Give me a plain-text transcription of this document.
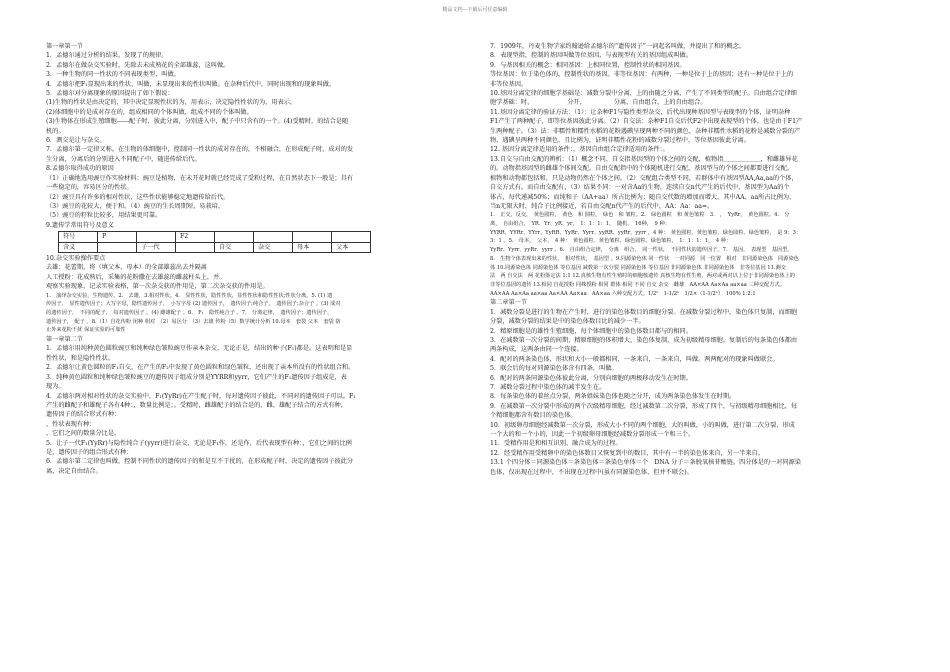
精品文档---下载后可任意编辑
第一章第一节
1．孟德尔通过分析的结果，发现了的规律。
2．孟德尔在做杂交实验时，先除去未成熟花的全部雄蕊，这叫做。
3．一种生物的同一性状的不同表现类型，叫做。
4．孟德尔把F₁显现出来的性状，叫做，未显现出来的性状叫做。在杂种后代中，同时出现和的现象叫做。
5．孟德尔对分离现象的原因提出了如下假说：
(1)生物的性状是由决定的，其中决定显现性状的为，用表示，决定隐性性状的为，用表示。
(2)体细胞中的是成对存在的，组成相同的个体叫做，组成不同的个体叫做。
(3)生物体在形成生殖细胞——配子时，彼此分离，分别进入中，配子中只含有的一个。(4)受精时，的结合是随
机的。
6．测交是让与杂交。
7．孟德尔第一定律又称。在生物的体细胞中，控制同一性状的成对存在的，不相融合，在形成配子时，成对的发
生分离，分离后的分别进入不同配子中，随进传给后代。
8.孟德尔取得成功的原因
（1）正确地选用豌豆作实验材料：豌豆是植物，在未开花时就已经完成了受粉过程，在自然状态下一般是；具有
一些稳定的，容易区分的性状。
（2）豌豆具有许多的相对性状，这些性状能够稳定地遗传给后代。
（3）豌豆的花较大，便于和。（4）豌豆的生长周期短，易栽培。
（5）豌豆的籽粒比较多，用结果更可靠。
9.遗传学常用符号及意义
符号	P		F2				
含义		子一代		自交	杂交	母本	父本
10.杂交实验操作要点
去雄：花蕾期，将（填父本、母本）的全部雄蕊出去并隔离
人工授粉：花成熟后，采集的花粉撒在去雄蕊的雌蕊柱头上，并。
观察实验现象，记录实验表格，第一次杂交获的件用是，第二次杂交获的件用是。
1.　演绎杂交实验，生物遗传。2.　去雄，3.相对性状。4.　显性性状，隐性性状，显性性状和隐性性状;性状分离。5. (1) 遗
传因子，　显性遗传因子；大写字母，隐性遗传因子，　小写字母 (2) 遗传因子，　遗传因子;纯合子，　遗传因子;杂合子 。(3) 成对
的遗传因子，　不同的配子，　每对遗传因子 。(4) 雌雄配子 。6.　F₁　隐性纯合子 。7.　分离定律，　遗传因子；遗传因子，
遗传因子，　配子 。8.（1）自花传粉 闭种 相对　（2）易区分　（3）去雄 传粉（5）数学统计分析 10.母本　套袋 父本　套袋 防
止外来花粉干扰 保证实验的可靠性
第一章第二节
1．孟德尔用纯种黄色圆粒豌豆和纯种绿色皱粒豌豆作亲本杂交，无论正是，结出的种子(F₁)都是。这表明和是显
性性状，和是隐性性状。
2．孟德尔让黄色圆粒的F₁自交，在产生的F₂中发现了黄色圆粒和绿色皱粒，还出现了亲本所没有的性状组合和。
3．纯种黄色圆粒和纯种绿色皱粒豌豆的遗传因子组成分别是YYRR和yyrr，它们产生的F₁遗传因子组成是，表
现为。
4．孟德尔两对相对性状的杂交实验中，F₁(YyRr)在产生配子时，每对遗传因子彼此，不同对的遗传因子可以。F₁
产生的雌配子和雄配子各有4种：，数量比例是；。受精时，雌雄配子的结合是的，雌、雄配子结合的方式有种，
遗传因子的结合形式有种：
，性状表现有种：
，它们之间的数量分比是。
5．让子一代F₁(YyRr)与隐性纯合子(yyrr)进行杂交，无论是F₁作，还是作，后代表现型有种：，它们之间的比例
是，遗传因子的组合形式有种：
6．孟德尔第二定律也叫做，控制不同性状的遗传因子的和是互不干扰的，在形成配子时，决定的遗传因子彼此分
离，决定自由结合。
7．1909年，丹麦生物学家约翰逊给孟德尔的“遗传因子”一词起名叫做，并提出了和的概念。
8．表现型指，控制的基因叫做等位基因，与表现型有关的基因组成叫做。
9．与基因相关的概念：相同基因：上相同位置，控制性状的相同基因。
等位基因：位于染色体的、控制性状的基因。非等位基因：有两种，一种是位于上的基因；还有一种是位于上的
非等位基因。
10.基因分离定律的细胞学基础是：减数分裂中分离，上的由随之分离，产生了不同类型的配子。自由组合定律细
胞学基础：时，　　　　　　分开，　　　　　分离，自由组合，上的自由组合。
11.基因分离定律的验证方法：（1）：让杂种F1与隐性类型杂交，后代出现种基因型与表现型的个体，证明杂种
F1产生了两种配子，即等位基因彼此分离。（2）自交法：杂种F1自交后代F2中出现表现型的个体，也是由于F1产
生两种配子。（3）法：非糯性和糯性水稻的花粉遇碘呈现两种不同的颜色，杂种非糯性水稻的花粉是减数分裂的产
物，遇碘呈两种不同颜色，且比例为，证明非糯性花粉的减数分裂过程中，等位基因彼此分离。
12. 基因分离定律适用的条件：，基因自由组合定律适用的条件：。
13.自交与自由交配的辨析：（1）概念不同，自交指基因型的个体之间的交配，植物指＿＿＿＿＿＿，和雌雄异花
的。动物指基因型的雌雄个体间交配。自由交配指中的个体随机进行交配，基因型与的个体之间都要进行交配。
植物和动物都包括和。只是动物仍然在个体之间。（2）交配组合类型不同，若群体中有基因型AA,Aa,aa的个体，
自交方式有。而自由交配有，（3）结果不同：一对含Aa的生物，连续自交n代产生的后代中，基因型为Aa的个
体占，每代递减50%；而纯和子（AA+aa）所占比例为；随自交代数的增加而增大，其中AA、aa所占比例为，
当n无限大时，纯合子比例接近，若自由交配n代产生的后代中，AA：Aa：aa=。
1.　正交，反交，　黄色圆粒，　黄色　和 圆粒，　绿色　和 皱粒。2.　绿色圆粒　和 黄色皱粒　3.　，　YyRr，　黄色圆粒。4.　分
离，　自由组合，　YR、Yr、yR、yr，　1：1：1：1，　随机，　16种，　9 种：
YYRR、YYRr、YYrr、YyRR、YyRr、Yyrr、yyRR、yyRr、yyrr ，4 种：　黄色圆粒、黄色皱粒、绿色圆粒、绿色皱粒，　是 9：3：
3：1 。5.　母本，　父本，　4 种：　黄色圆粒、黄色皱粒、绿色圆粒、绿色皱粒，　1：1：1：1，　4 种：
YyRr、Yyrr、yyRr、yyrr 。6.　自由组合定律，　分离　组合，　同一性状，　不同性状的遗传因子。7.　基因，　表现型　基因型。
8.　生物个体表现出来的性状，　相对性状，　基因型 。9.同源染色体 同一性状　一对同源　同一位置　相对　非同源染色体　同源染色
体 10.同源染色体 同源染色体 等位基因 减数第一次分裂 同源染色体 等位基因 非同源染色体 非同源染色体　非等位基因 11.测交
法　两 自交法　两 花粉鉴定法 1:1 12.真核生物有性生殖时的细胞核遗传 真核生物有性生殖，两对或两对以上位于非同源染色体上的
非等位基因的遗传 13.相同 自花授粉 同株授粉 相同 群体 相同 不同 自交 杂交　雌雄　AA×AA Aa×Aa aa×aa 三种交配方式。
AA×AA Aa×Aa aa×aa Aa×AA Aa×aa　AA×aa 六种交配方式。1/2ⁿ　1-1/2ⁿ　1/2×（1-1/2ⁿ）　100% 1:2:1
第二章第一节
1．减数分裂是进行的生物在产生时，进行的染色体数目的细胞分裂。在减数分裂过程中，染色体只复制，而细胞
分裂，减数分裂的结果是中的染色体数目比的减少一半。
2．精原细胞是的雄性生殖细胞，每个体细胞中的染色体数目都与的相同。
3．在减数第一次分裂的间期，精原细胞的体积增大，染色体复制，成为初级精母细胞。复制后的每条染色体都由
两条构成，这两条由同一个连接。
4．配对的两条染色体，形状和大小一般都相同，一条来自，一条来自，叫做。两两配对的现象叫做联会。
5．联会后的每对同源染色体含有四条，叫做。
6．配对的两条同源染色体彼此分离，分别向细胞的两极移动发生在时期。
7．减数分裂过程中染色体的减半发生在。
8．每条染色体的着丝点分裂，两条姐妹染色体也随之分开，成为两条染色体发生在时期。
9．在减数第一次分裂中形成的两个次级精母细胞，经过减数第二次分裂，形成了四个，与初级精母细胞相比，每
个精细胞都含有数目的染色体。
10．初级卵母细胞经减数第一次分裂，形成大小不同的两个细胞，大的叫做，小的叫做，进行第二次分裂，形成
一个大的和一个小的，因此一个初级卵母细胞经减数分裂形成一个和三个。
11．受精作用是和相互识别、融合成为的过程。
12．经受精作用受精卵中的染色体数目又恢复到中的数目，其中有一半的染色体来自，另一半来自。
13.1 个四分体＝同源染色体＝条染色体＝条染色单体＝个　DNA 分子＝条脱氧核苷酸链。四分体是的一对同源染
色体，仅出现在过程中，不出现在过程中(虽有同源染色体，但并不联会)。
